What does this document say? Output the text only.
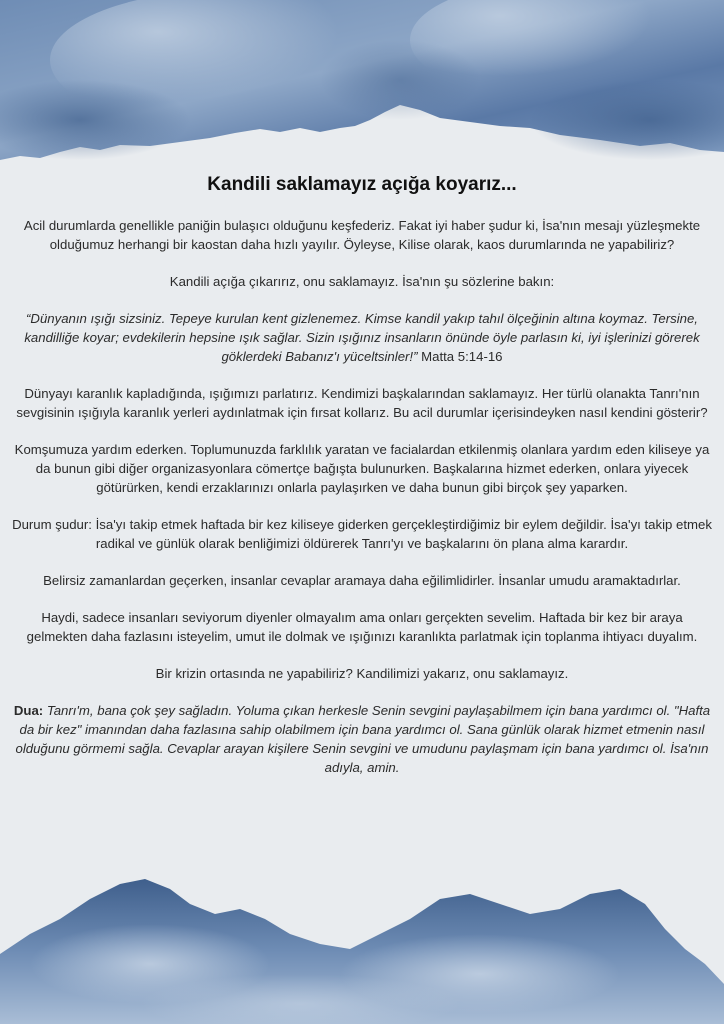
Kandili saklamayız açığa koyarız...

Acil durumlarda genellikle paniğin bulaşıcı olduğunu keşfederiz. Fakat iyi haber şudur ki, İsa'nın mesajı yüzleşmekte olduğumuz herhangi bir kaostan daha hızlı yayılır. Öyleyse, Kilise olarak, kaos durumlarında ne yapabiliriz?

Kandili açığa çıkarırız, onu saklamayız. İsa'nın şu sözlerine bakın:

“Dünyanın ışığı sizsiniz. Tepeye kurulan kent gizlenemez. Kimse kandil yakıp tahıl ölçeğinin altına koymaz. Tersine, kandilliğe koyar; evdekilerin hepsine ışık sağlar. Sizin ışığınız insanların önünde öyle parlasın ki, iyi işlerinizi görerek göklerdeki Babanız'ı yüceltsinler!” Matta 5:14-16

Dünyayı karanlık kapladığında, ışığımızı parlatırız. Kendimizi başkalarından saklamayız. Her türlü olanakta Tanrı'nın sevgisinin ışığıyla karanlık yerleri aydınlatmak için fırsat kollarız. Bu acil durumlar içerisindeyken nasıl kendini gösterir?

Komşumuza yardım ederken. Toplumunuzda farklılık yaratan ve facialardan etkilenmiş olanlara yardım eden kiliseye ya da bunun gibi diğer organizasyonlara cömertçe bağışta bulunurken. Başkalarına hizmet ederken, onlara yiyecek götürürken, kendi erzaklarınızı onlarla paylaşırken ve daha bunun gibi birçok şey yaparken.

Durum şudur: İsa'yı takip etmek haftada bir kez kiliseye giderken gerçekleştirdiğimiz bir eylem değildir. İsa'yı takip etmek radikal ve günlük olarak benliğimizi öldürerek Tanrı'yı ve başkalarını ön plana alma karardır.

Belirsiz zamanlardan geçerken, insanlar cevaplar aramaya daha eğilimlidirler. İnsanlar umudu aramaktadırlar.

Haydi, sadece insanları seviyorum diyenler olmayalım ama onları gerçekten sevelim. Haftada bir kez bir araya gelmekten daha fazlasını isteyelim, umut ile dolmak ve ışığınızı karanlıkta parlatmak için toplanma ihtiyacı duyalım.

Bir krizin ortasında ne yapabiliriz? Kandilimizi yakarız, onu saklamayız.

Dua: Tanrı'm, bana çok şey sağladın. Yoluma çıkan herkesle Senin sevgini paylaşabilmem için bana yardımcı ol. "Hafta da bir kez" imanından daha fazlasına sahip olabilmem için bana yardımcı ol. Sana günlük olarak hizmet etmenin nasıl olduğunu görmemi sağla. Cevaplar arayan kişilere Senin sevgini ve umudunu paylaşmam için bana yardımcı ol. İsa'nın adıyla, amin.
